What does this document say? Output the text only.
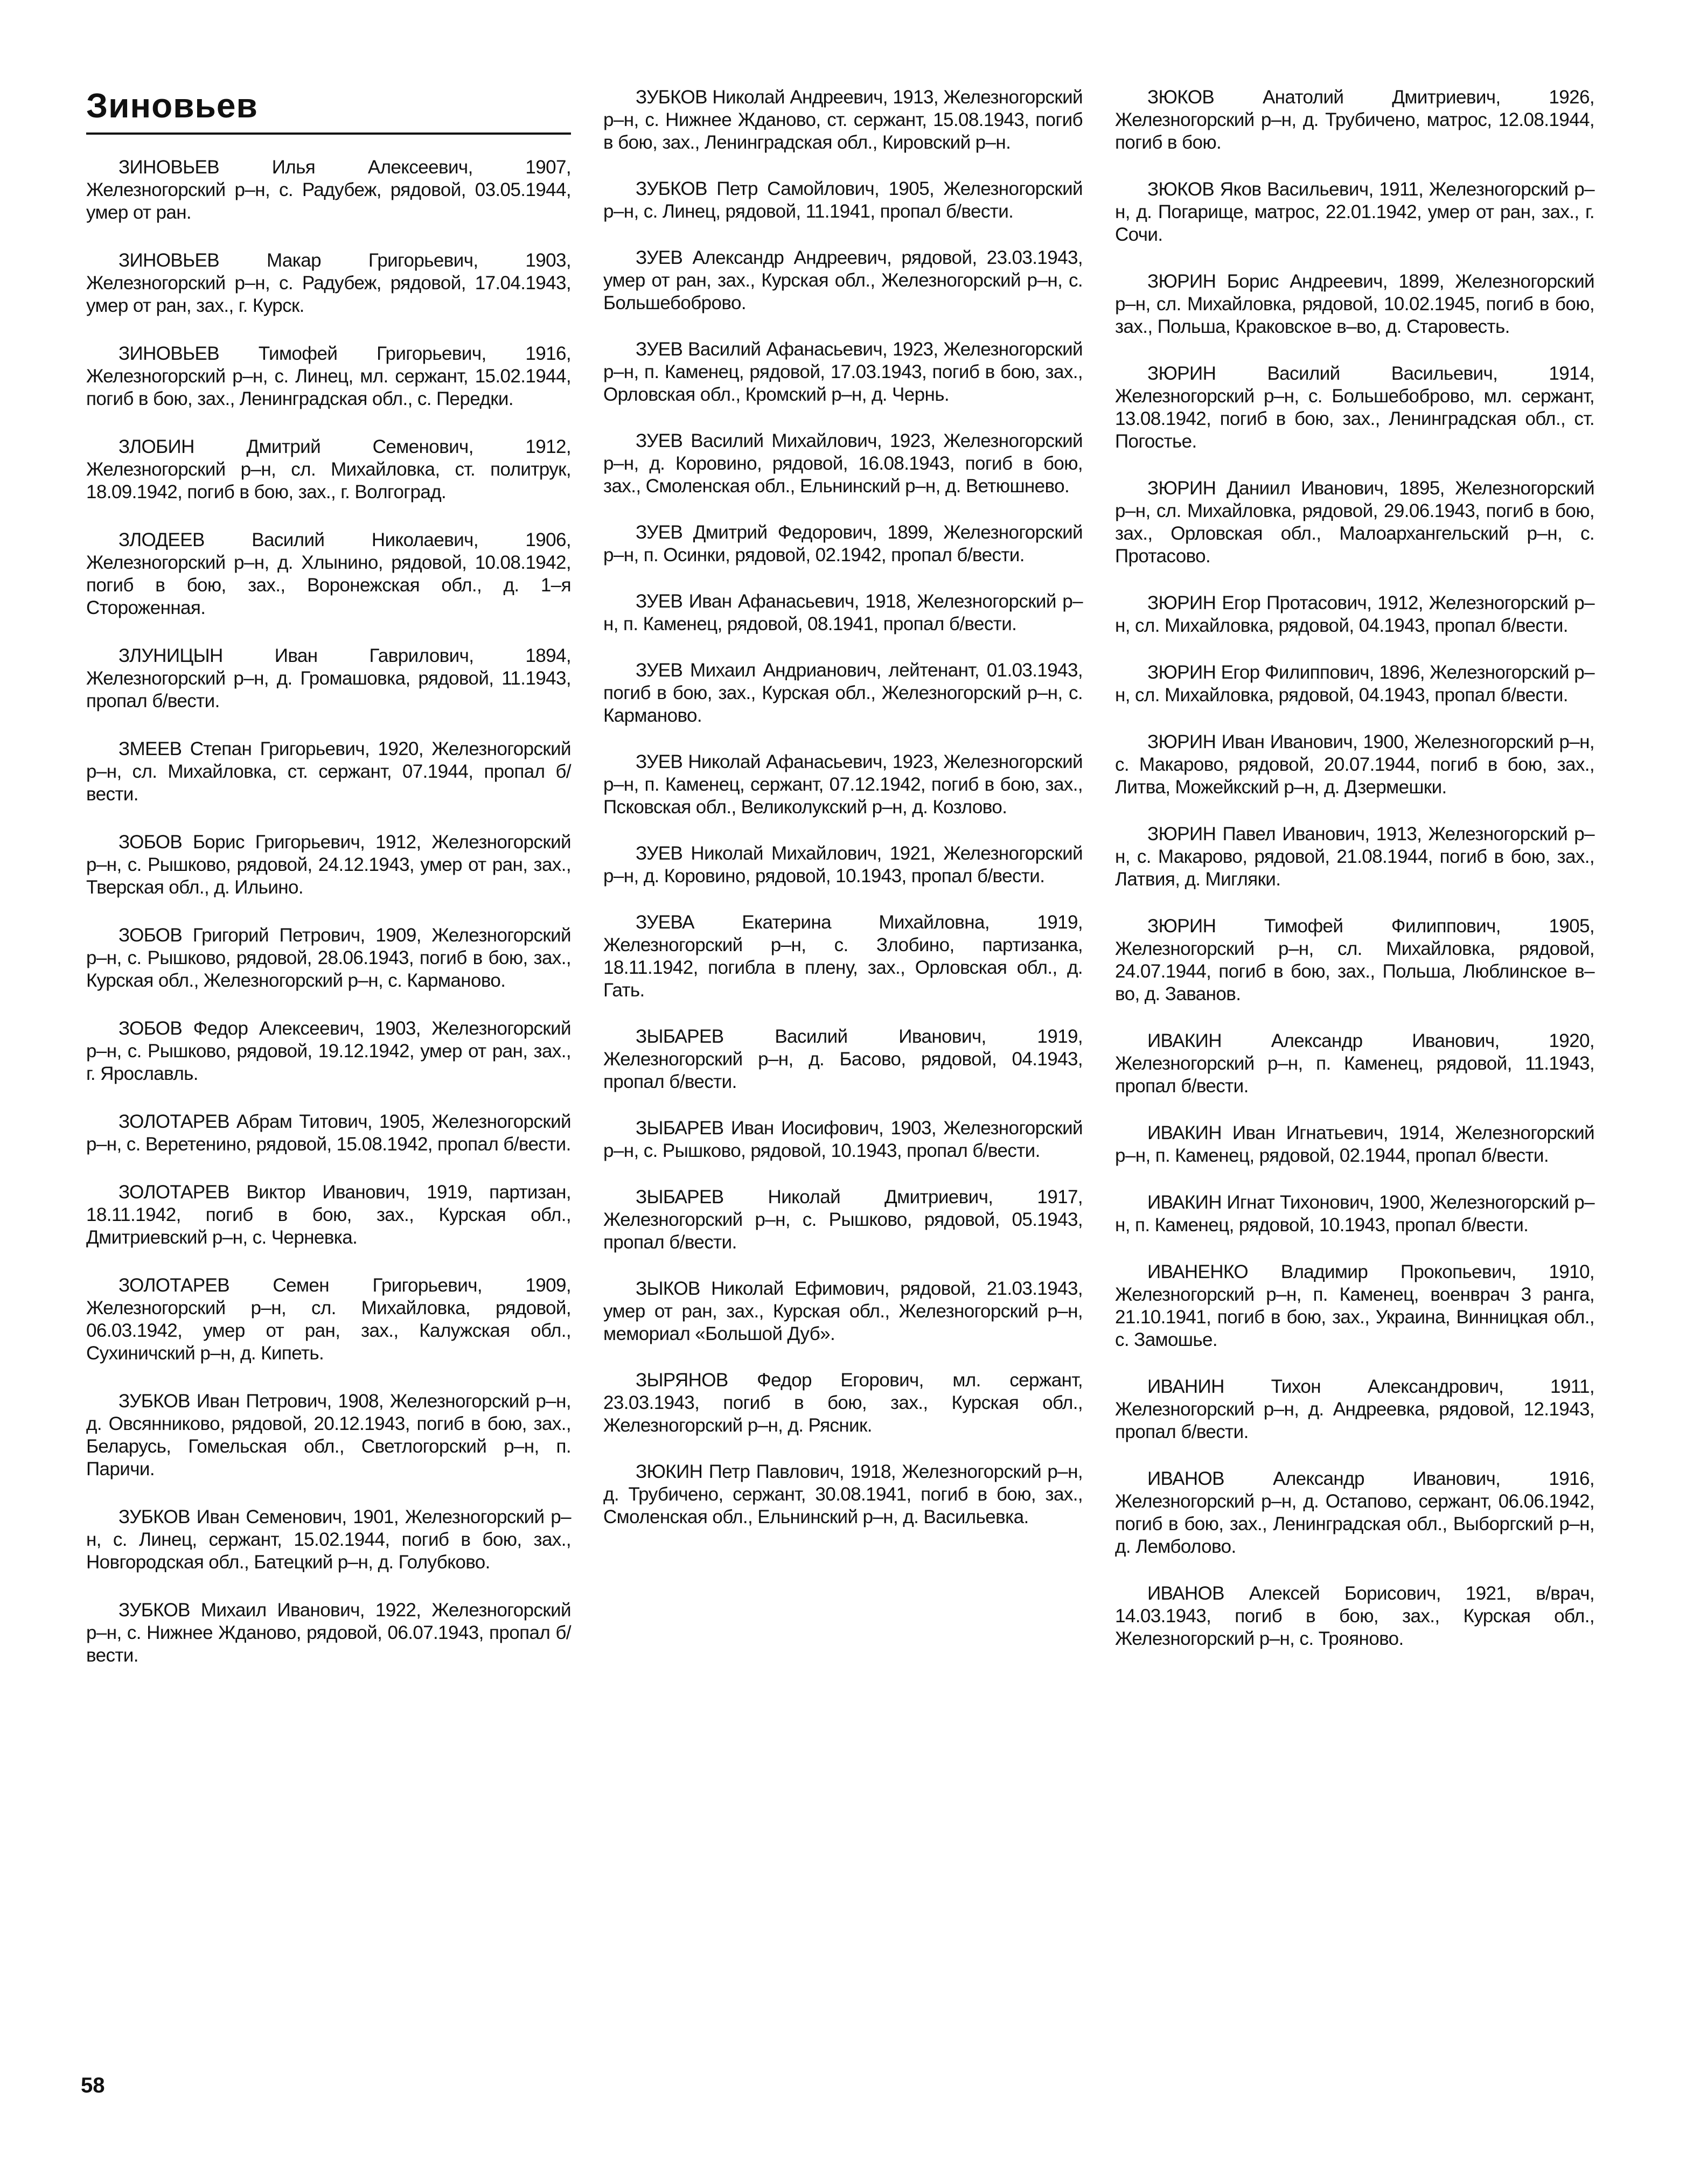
Зиновьев

ЗИНОВЬЕВ	Илья Алексеевич, 1907, Железногорский р–н, с. Радубеж, рядовой, 03.05.1944, умер от ран.

ЗИНОВЬЕВ	Макар Григорьевич, 1903, Железногорский р–н, с. Радубеж, рядовой, 17.04.1943, умер от ран, зах., г. Курск.

ЗИНОВЬЕВ Тимофей Григорьевич, 1916, Железногорский р–н, с. Линец, мл. сержант, 15.02.1944, погиб в бою, зах., Ленинградская обл., с. Передки.

ЗЛОБИН	Дмитрий Семенович, 1912, Железногорский р–н, сл. Михайловка, ст. политрук, 18.09.1942, погиб в бою, зах., г. Волгоград.

ЗЛОДЕЕВ Василий Николаевич, 1906, Железногорский р–н, д. Хлынино, рядовой, 10.08.1942, погиб в бою, зах., Воронежская обл., д. 1–я Стороженная.

ЗЛУНИЦЫН	Иван Гаврилович, 1894, Железногорский р–н, д. Громашовка, рядовой, 11.1943, пропал б/вести.

ЗМЕЕВ Степан Григорьевич, 1920, Железногорский р–н, сл. Михайловка, ст. сержант, 07.1944, пропал б/вести.

ЗОБОВ Борис Григорьевич, 1912, Железногорский р–н, с. Рышково, рядовой, 24.12.1943, умер от ран, зах., Тверская обл., д. Ильино.

ЗОБОВ Григорий Петрович, 1909, Железногорский р–н, с. Рышково, рядовой, 28.06.1943, погиб в бою, зах., Курская обл., Железногорский р–н, с. Карманово.

ЗОБОВ Федор Алексеевич, 1903, Железногорский р–н, с. Рышково, рядовой, 19.12.1942, умер от ран, зах., г. Ярославль.

ЗОЛОТАРЕВ Абрам Титович, 1905, Железногорский р–н, с. Веретенино, рядовой, 15.08.1942, пропал б/вести.

ЗОЛОТАРЕВ Виктор Иванович, 1919, партизан, 18.11.1942, погиб в бою, зах., Курская обл., Дмитриевский р–н, с. Черневка.

ЗОЛОТАРЕВ Семен Григорьевич, 1909, Железногорский р–н, сл. Михайловка, рядовой, 06.03.1942, умер от ран, зах., Калужская обл., Сухиничский р–н, д. Кипеть.

ЗУБКОВ Иван Петрович, 1908, Железногорский р–н, д. Овсянниково, рядовой, 20.12.1943, погиб в бою, зах., Беларусь, Гомельская обл., Светлогорский р–н, п. Паричи.

ЗУБКОВ Иван Семенович, 1901, Железногорский р–н, с. Линец, сержант, 15.02.1944, погиб в бою, зах., Новгородская обл., Батецкий р–н, д. Голубково.

ЗУБКОВ Михаил Иванович, 1922, Железногорский р–н, с. Нижнее Жданово, рядовой, 06.07.1943, пропал б/вести.

ЗУБКОВ Николай Андреевич, 1913, Железногорский р–н, с. Нижнее Жданово, ст. сержант, 15.08.1943, погиб в бою, зах., Ленинградская обл., Кировский р–н.

ЗУБКОВ Петр Самойлович, 1905, Железногорский р–н, с. Линец, рядовой, 11.1941, пропал б/вести.

ЗУЕВ Александр Андреевич, рядовой, 23.03.1943, умер от ран, зах., Курская обл., Железногорский р–н, с. Большебоброво.

ЗУЕВ Василий Афанасьевич, 1923, Железногорский р–н, п. Каменец, рядовой, 17.03.1943, погиб в бою, зах., Орловская обл., Кромский р–н, д. Чернь.

ЗУЕВ Василий Михайлович, 1923, Железногорский р–н, д. Коровино, рядовой, 16.08.1943, погиб в бою, зах., Смоленская обл., Ельнинский р–н, д. Ветюшнево.

ЗУЕВ Дмитрий Федорович, 1899, Железногорский р–н, п. Осинки, рядовой, 02.1942, пропал б/вести.

ЗУЕВ Иван Афанасьевич, 1918, Железногорский р–н, п. Каменец, рядовой, 08.1941, пропал б/вести.

ЗУЕВ Михаил Андрианович, лейтенант, 01.03.1943, погиб в бою, зах., Курская обл., Железногорский р–н, с. Карманово.

ЗУЕВ Николай Афанасьевич, 1923, Железногорский р–н, п. Каменец, сержант, 07.12.1942, погиб в бою, зах., Псковская обл., Великолукский р–н, д. Козлово.

ЗУЕВ Николай Михайлович, 1921, Железногорский р–н, д. Коровино, рядовой, 10.1943, пропал б/вести.

ЗУЕВА	Екатерина Михайловна, 1919, Железногорский р–н, с. Злобино, партизанка, 18.11.1942, погибла в плену, зах., Орловская обл., д. Гать.

ЗЫБАРЕВ	Василий Иванович, 1919, Железногорский р–н, д. Басово, рядовой, 04.1943, пропал б/вести.

ЗЫБАРЕВ Иван Иосифович, 1903, Железногорский р–н, с. Рышково, рядовой, 10.1943, пропал б/вести.

ЗЫБАРЕВ Николай Дмитриевич, 1917, Железногорский р–н, с. Рышково, рядовой, 05.1943, пропал б/вести.

ЗЫКОВ Николай Ефимович, рядовой, 21.03.1943, умер от ран, зах., Курская обл., Железногорский р–н, мемориал «Большой Дуб».

ЗЫРЯНОВ Федор Егорович, мл. сержант, 23.03.1943, погиб в бою, зах., Курская обл., Железногорский р–н, д. Рясник.

ЗЮКИН Петр Павлович, 1918, Железногорский р–н, д. Трубичено, сержант, 30.08.1941, погиб в бою, зах., Смоленская обл., Ельнинский р–н, д. Васильевка.

ЗЮКОВ	Анатолий Дмитриевич, 1926, Железногорский р–н, д. Трубичено, матрос, 12.08.1944, погиб в бою.

ЗЮКОВ Яков Васильевич, 1911, Железногорский р–н, д. Погарище, матрос, 22.01.1942, умер от ран, зах., г. Сочи.

ЗЮРИН Борис Андреевич, 1899, Железногорский р–н, сл. Михайловка, рядовой, 10.02.1945, погиб в бою, зах., Польша, Краковское в–во, д. Старовесть.

ЗЮРИН	Василий Васильевич, 1914, Железногорский р–н, с. Большебоброво, мл. сержант, 13.08.1942, погиб в бою, зах., Ленинградская обл., ст. Погостье.

ЗЮРИН Даниил Иванович, 1895, Железногорский р–н, сл. Михайловка, рядовой, 29.06.1943, погиб в бою, зах., Орловская обл., Малоархангельский р–н, с. Протасово.

ЗЮРИН Егор Протасович, 1912, Железногорский р–н, сл. Михайловка, рядовой, 04.1943, пропал б/вести.

ЗЮРИН Егор Филиппович, 1896, Железногорский р–н, сл. Михайловка, рядовой, 04.1943, пропал б/вести.

ЗЮРИН Иван Иванович, 1900, Железногорский р–н, с. Макарово, рядовой, 20.07.1944, погиб в бою, зах., Литва, Можейкский р–н, д. Дзермешки.

ЗЮРИН Павел Иванович, 1913, Железногорский р–н, с. Макарово, рядовой, 21.08.1944, погиб в бою, зах., Латвия, д. Мигляки.

ЗЮРИН	Тимофей Филиппович, 1905, Железногорский р–н, сл. Михайловка, рядовой, 24.07.1944, погиб в бою, зах., Польша, Люблинское в–во, д. Заванов.

ИВАКИН	Александр Иванович, 1920, Железногорский р–н, п. Каменец, рядовой, 11.1943, пропал б/вести.

ИВАКИН Иван Игнатьевич, 1914, Железногорский р–н, п. Каменец, рядовой, 02.1944, пропал б/вести.

ИВАКИН Игнат Тихонович, 1900, Железногорский р–н, п. Каменец, рядовой, 10.1943, пропал б/вести.

ИВАНЕНКО Владимир Прокопьевич, 1910, Железногорский р–н, п. Каменец, военврач 3 ранга, 21.10.1941, погиб в бою, зах., Украина, Винницкая обл., с. Замошье.

ИВАНИН Тихон Александрович, 1911, Железногорский р–н, д. Андреевка, рядовой, 12.1943, пропал б/вести.

ИВАНОВ	Александр Иванович, 1916, Железногорский р–н, д. Остапово, сержант, 06.06.1942, погиб в бою, зах., Ленинградская обл., Выборгский р–н, д. Лемболово.

ИВАНОВ Алексей Борисович, 1921, в/врач, 14.03.1943, погиб в бою, зах., Курская обл., Железногорский р–н, с. Трояново.

58
